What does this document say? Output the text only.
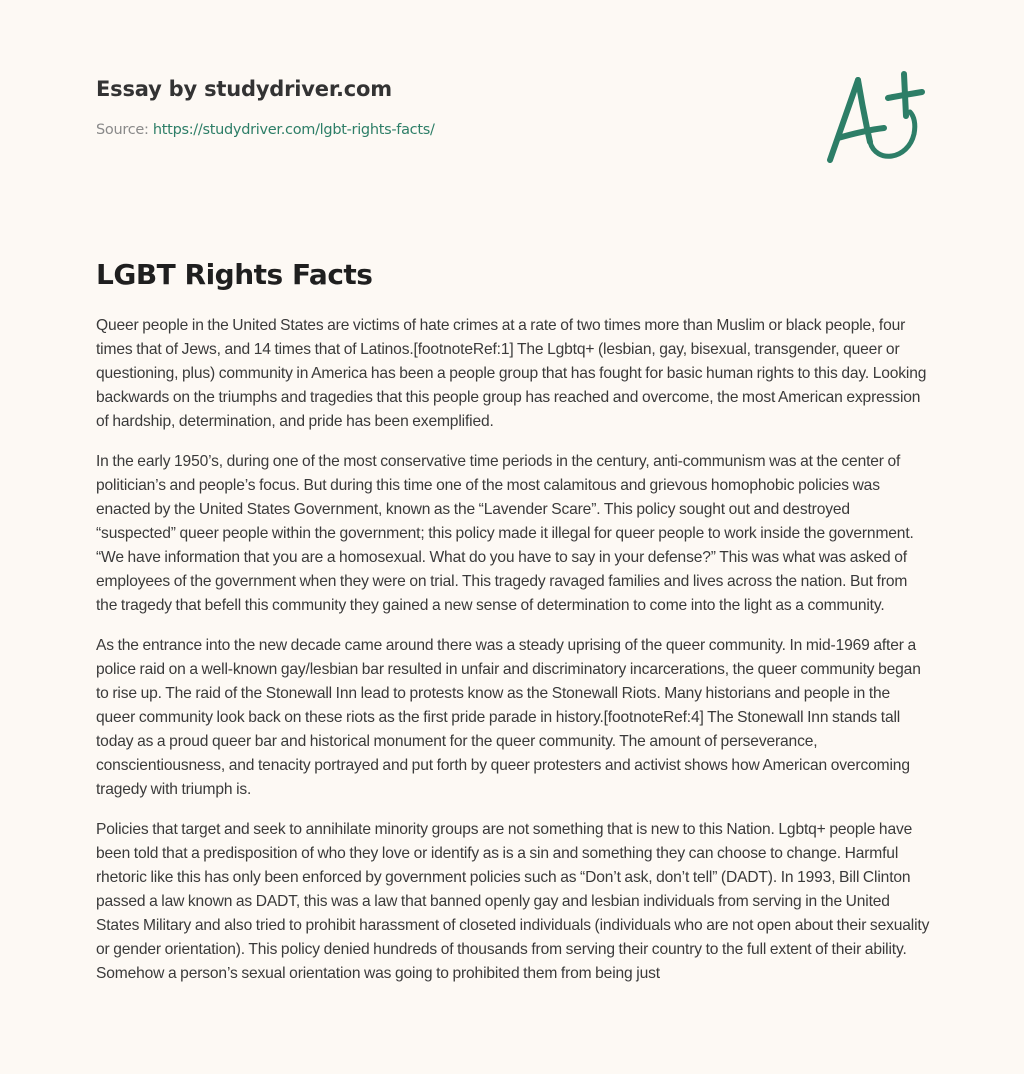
Essay by studydriver.com
Source: https://studydriver.com/lgbt-rights-facts/
LGBT Rights Facts

Queer people in the United States are victims of hate crimes at a rate of two times more than Muslim or black people, four times that of Jews, and 14 times that of Latinos.[footnoteRef:1] The Lgbtq+ (lesbian, gay, bisexual, transgender, queer or questioning, plus) community in America has been a people group that has fought for basic human rights to this day. Looking backwards on the triumphs and tragedies that this people group has reached and overcome, the most American expression of hardship, determination, and pride has been exemplified.

In the early 1950’s, during one of the most conservative time periods in the century, anti-communism was at the center of politician’s and people’s focus. But during this time one of the most calamitous and grievous homophobic policies was enacted by the United States Government, known as the “Lavender Scare”. This policy sought out and destroyed “suspected” queer people within the government; this policy made it illegal for queer people to work inside the government. “We have information that you are a homosexual. What do you have to say in your defense?” This was what was asked of employees of the government when they were on trial. This tragedy ravaged families and lives across the nation. But from the tragedy that befell this community they gained a new sense of determination to come into the light as a community.

As the entrance into the new decade came around there was a steady uprising of the queer community. In mid-1969 after a police raid on a well-known gay/lesbian bar resulted in unfair and discriminatory incarcerations, the queer community began to rise up. The raid of the Stonewall Inn lead to protests know as the Stonewall Riots. Many historians and people in the queer community look back on these riots as the first pride parade in history.[footnoteRef:4] The Stonewall Inn stands tall today as a proud queer bar and historical monument for the queer community. The amount of perseverance, conscientiousness, and tenacity portrayed and put forth by queer protesters and activist shows how American overcoming tragedy with triumph is.

Policies that target and seek to annihilate minority groups are not something that is new to this Nation. Lgbtq+ people have been told that a predisposition of who they love or identify as is a sin and something they can choose to change. Harmful rhetoric like this has only been enforced by government policies such as “Don’t ask, don’t tell” (DADT). In 1993, Bill Clinton passed a law known as DADT, this was a law that banned openly gay and lesbian individuals from serving in the United States Military and also tried to prohibit harassment of closeted individuals (individuals who are not open about their sexuality or gender orientation). This policy denied hundreds of thousands from serving their country to the full extent of their ability. Somehow a person’s sexual orientation was going to prohibited them from being just
